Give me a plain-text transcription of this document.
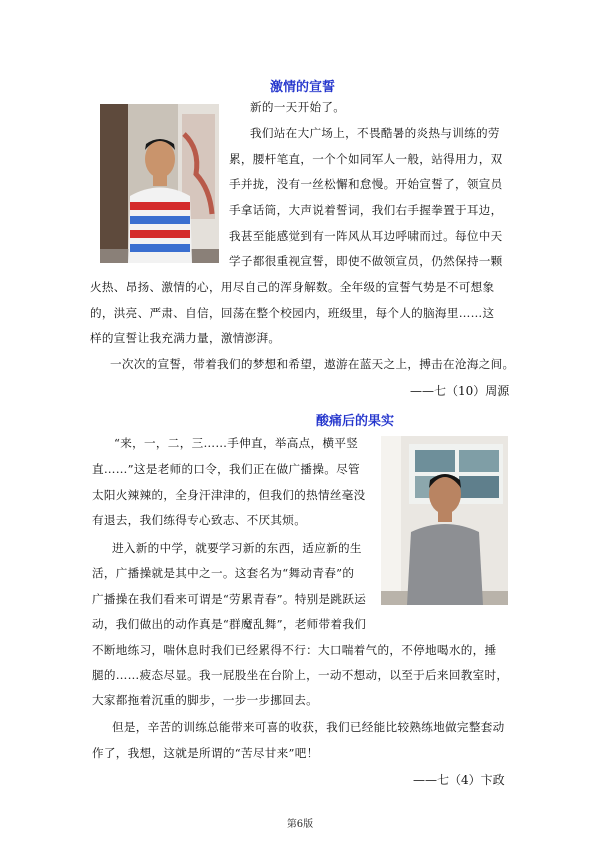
激情的宣誓
新的一天开始了。
我们站在大广场上，不畏酷暑的炎热与训练的劳
累，腰杆笔直，一个个如同军人一般，站得用力，双
手并拢，没有一丝松懈和怠慢。开始宣誓了，领宣员
手拿话筒，大声说着誓词，我们右手握拳置于耳边，
我甚至能感觉到有一阵风从耳边呼啸而过。每位中天
学子都很重视宣誓，即使不做领宣员，仍然保持一颗
火热、昂扬、激情的心，用尽自己的浑身解数。全年级的宣誓气势是不可想象
的，洪亮、严肃、自信，回荡在整个校园内，班级里，每个人的脑海里……这
样的宣誓让我充满力量，激情澎湃。
一次次的宣誓，带着我们的梦想和希望，遨游在蓝天之上，搏击在沧海之间。
——七（10）周源
酸痛后的果实
“来，一，二，三……手伸直，举高点，横平竖
直……”这是老师的口令，我们正在做广播操。尽管
太阳火辣辣的，全身汗津津的，但我们的热情丝毫没
有退去，我们练得专心致志、不厌其烦。
进入新的中学，就要学习新的东西，适应新的生
活，广播操就是其中之一。这套名为“舞动青春”的
广播操在我们看来可谓是“劳累青春”。特别是跳跃运
动，我们做出的动作真是“群魔乱舞”，老师带着我们
不断地练习，喘休息时我们已经累得不行：大口喘着气的，不停地喝水的，捶
腿的……疲态尽显。我一屁股坐在台阶上，一动不想动，以至于后来回教室时，
大家都拖着沉重的脚步，一步一步挪回去。
但是，辛苦的训练总能带来可喜的收获，我们已经能比较熟练地做完整套动
作了，我想，这就是所谓的“苦尽甘来”吧！
——七（4）卞政
第6版
